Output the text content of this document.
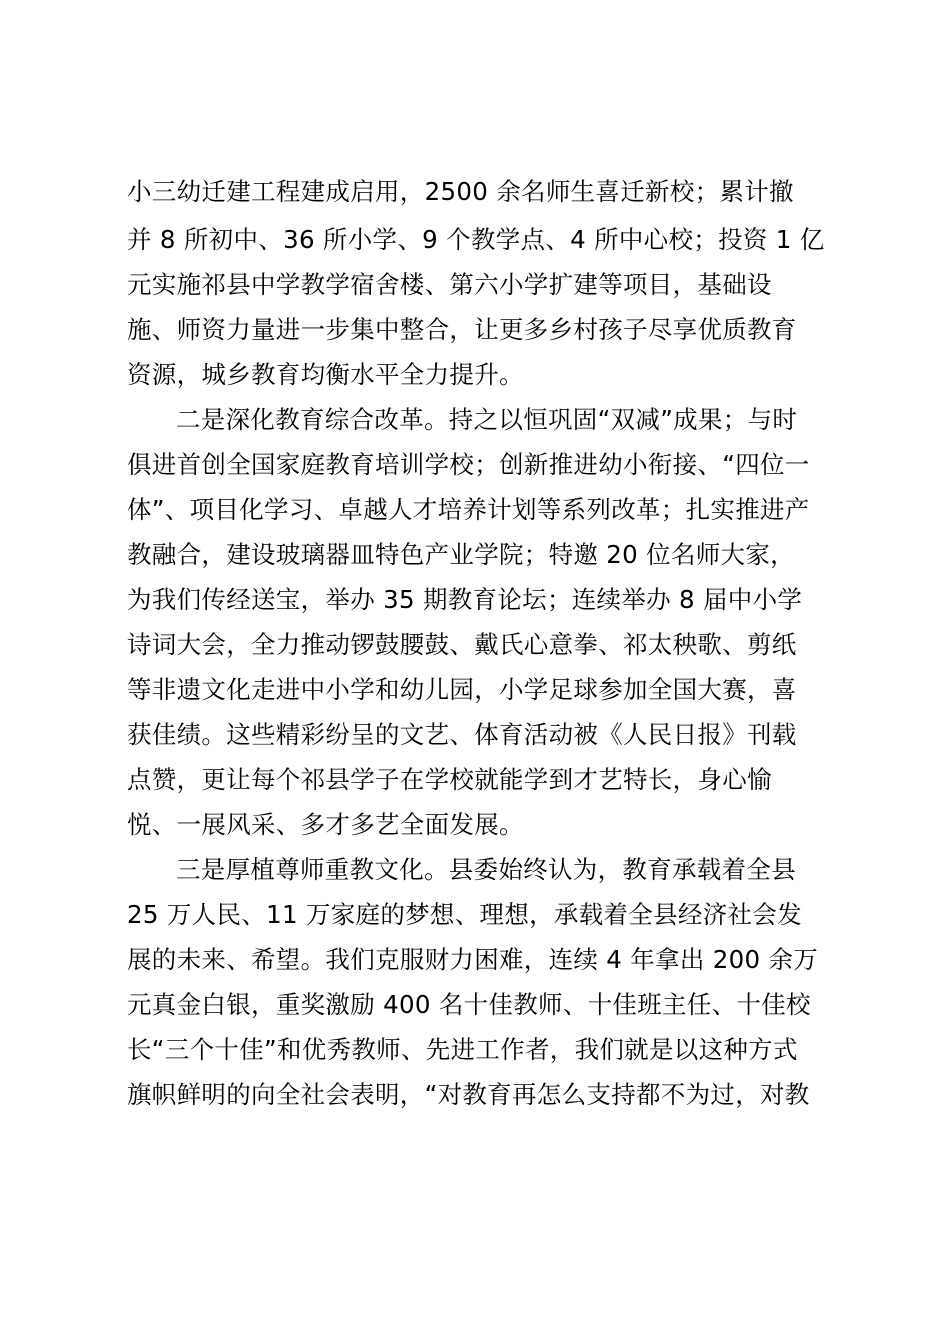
小三幼迁建工程建成启用，2500 余名师生喜迁新校；累计撤
并 8 所初中、36 所小学、9 个教学点、4 所中心校；投资 1 亿
元实施祁县中学教学宿舍楼、第六小学扩建等项目，基础设
施、师资力量进一步集中整合，让更多乡村孩子尽享优质教育
资源，城乡教育均衡水平全力提升。
二是深化教育综合改革。持之以恒巩固“双减”成果；与时
俱进首创全国家庭教育培训学校；创新推进幼小衔接、“四位一
体”、项目化学习、卓越人才培养计划等系列改革；扎实推进产
教融合，建设玻璃器皿特色产业学院；特邀 20 位名师大家，
为我们传经送宝，举办 35 期教育论坛；连续举办 8 届中小学
诗词大会，全力推动锣鼓腰鼓、戴氏心意拳、祁太秧歌、剪纸
等非遗文化走进中小学和幼儿园，小学足球参加全国大赛，喜
获佳绩。这些精彩纷呈的文艺、体育活动被《人民日报》刊载
点赞，更让每个祁县学子在学校就能学到才艺特长，身心愉
悦、一展风采、多才多艺全面发展。
三是厚植尊师重教文化。县委始终认为，教育承载着全县
25 万人民、11 万家庭的梦想、理想，承载着全县经济社会发
展的未来、希望。我们克服财力困难，连续 4 年拿出 200 余万
元真金白银，重奖激励 400 名十佳教师、十佳班主任、十佳校
长“三个十佳”和优秀教师、先进工作者，我们就是以这种方式
旗帜鲜明的向全社会表明，“对教育再怎么支持都不为过，对教
